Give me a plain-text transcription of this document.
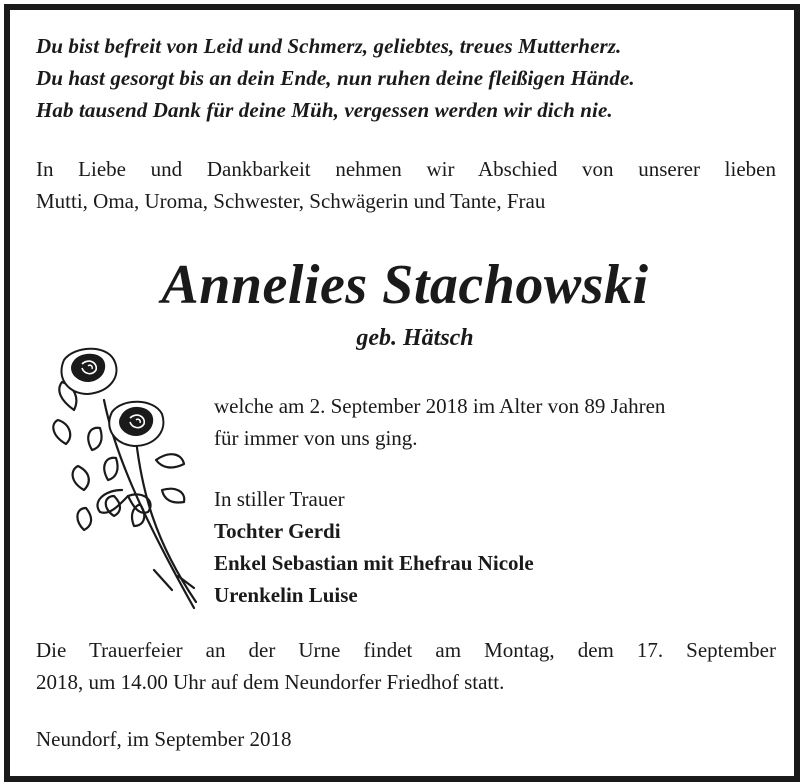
Du bist befreit von Leid und Schmerz, geliebtes, treues Mutterherz.
Du hast gesorgt bis an dein Ende, nun ruhen deine fleißigen Hände.
Hab tausend Dank für deine Müh, vergessen werden wir dich nie.
In Liebe und Dankbarkeit nehmen wir Abschied von unserer lieben
Mutti, Oma, Uroma, Schwester, Schwägerin und Tante, Frau
Annelies Stachowski
geb. Hätsch
welche am 2. September 2018 im Alter von 89 Jahren
für immer von uns ging.
In stiller Trauer
Tochter Gerdi
Enkel Sebastian mit Ehefrau Nicole
Urenkelin Luise
Die Trauerfeier an der Urne findet am Montag, dem 17. September
2018, um 14.00 Uhr auf dem Neundorfer Friedhof statt.
Neundorf, im September 2018
